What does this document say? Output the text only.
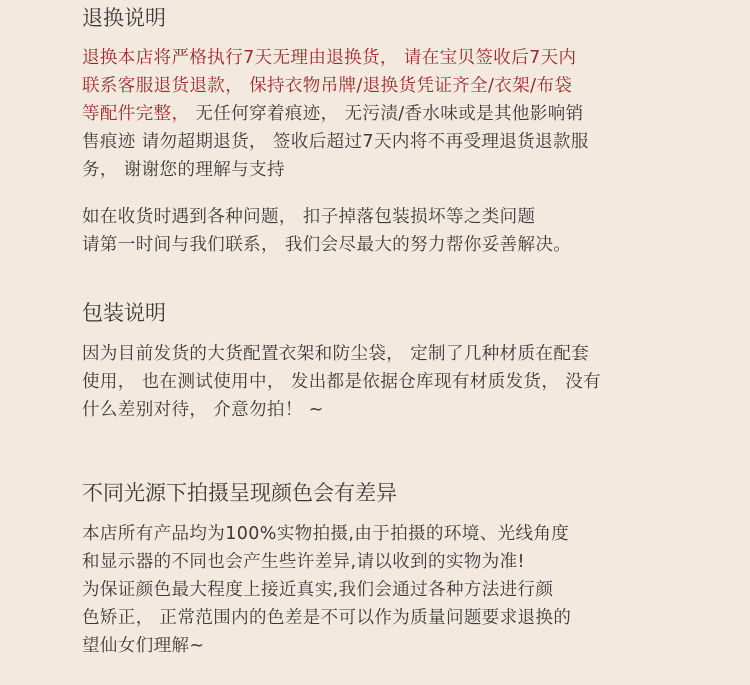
退换说明
退换本店将严格执行7天无理由退换货， 请在宝贝签收后7天内
联系客服退货退款， 保持衣物吊牌/退换货凭证齐全/衣架/布袋
等配件完整， 无任何穿着痕迹， 无污渍/香水味或是其他影响销
售痕迹 请勿超期退货， 签收后超过7天内将不再受理退货退款服
务， 谢谢您的理解与支持
如在收货时遇到各种问题， 扣子掉落包装损坏等之类问题
请第一时间与我们联系， 我们会尽最大的努力帮你妥善解决。
包装说明
因为目前发货的大货配置衣架和防尘袋， 定制了几种材质在配套
使用， 也在测试使用中， 发出都是依据仓库现有材质发货， 没有
什么差别对待， 介意勿拍！ ~
不同光源下拍摄呈现颜色会有差异
本店所有产品均为100%实物拍摄,由于拍摄的环境、光线角度
和显示器的不同也会产生些许差异,请以收到的实物为准!
为保证颜色最大程度上接近真实,我们会通过各种方法进行颜
色矫正， 正常范围内的色差是不可以作为质量问题要求退换的
望仙女们理解~
